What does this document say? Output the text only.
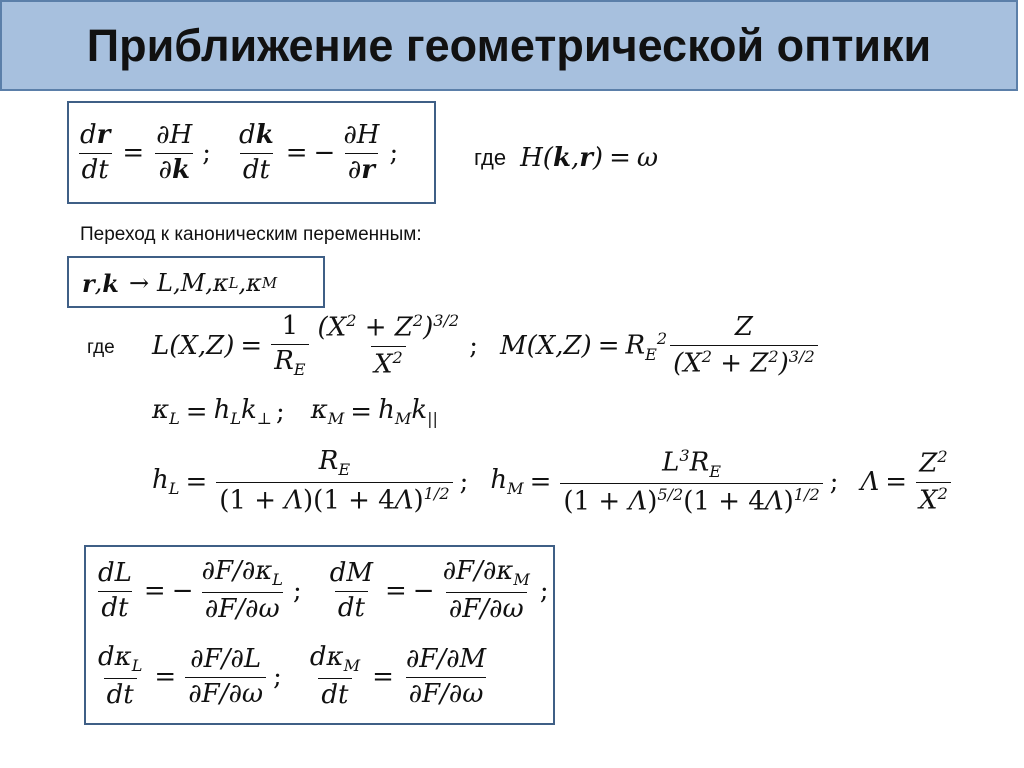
Приближение геометрической оптики
$\frac{dr}{dt} = \frac{\partial H}{\partial k}$ ; $\frac{dk}{dt}$ = − $\frac{\partial H}{\partial r}$ ;	где H(k,r) = ω
Переход к каноническим переменным:
r , k → L,M,κ L ,κ M
где $L(X,Z) = \frac{1}{R_E} \frac{(X^2 + Z^2)^{3/2}}{X^2}$ ; $M(X,Z) = R_E^2 \frac{Z}{(X^2 + Z^2)^{3/2}}$
$\kappa_L = h_Lk_\perp$ ; $\kappa_M = h_Mk_{||}$
$h_L = \frac{R_E}{(1 + \Lambda)(1 + 4\Lambda)^{1/2}}$ ; $h_M = \frac{L^3R_E}{(1 + \Lambda)^{5/2}(1 + 4\Lambda)^{1/2}}$ ; $\Lambda = \frac{Z^2}{X^2}$
$\frac{dL}{dt}$ = − $\frac{\partial F/\partial\kappa_L}{\partial F/\partial\omega}$ ; $\frac{dM}{dt}$ = − $\frac{\partial F/\partial\kappa_M}{\partial F/\partial\omega}$ ;
$\frac{d\kappa_L}{dt} = \frac{\partial F/\partial L}{\partial F/\partial\omega}$ ; $\frac{d\kappa_M}{dt} = \frac{\partial F/\partial M}{\partial F/\partial\omega}$
